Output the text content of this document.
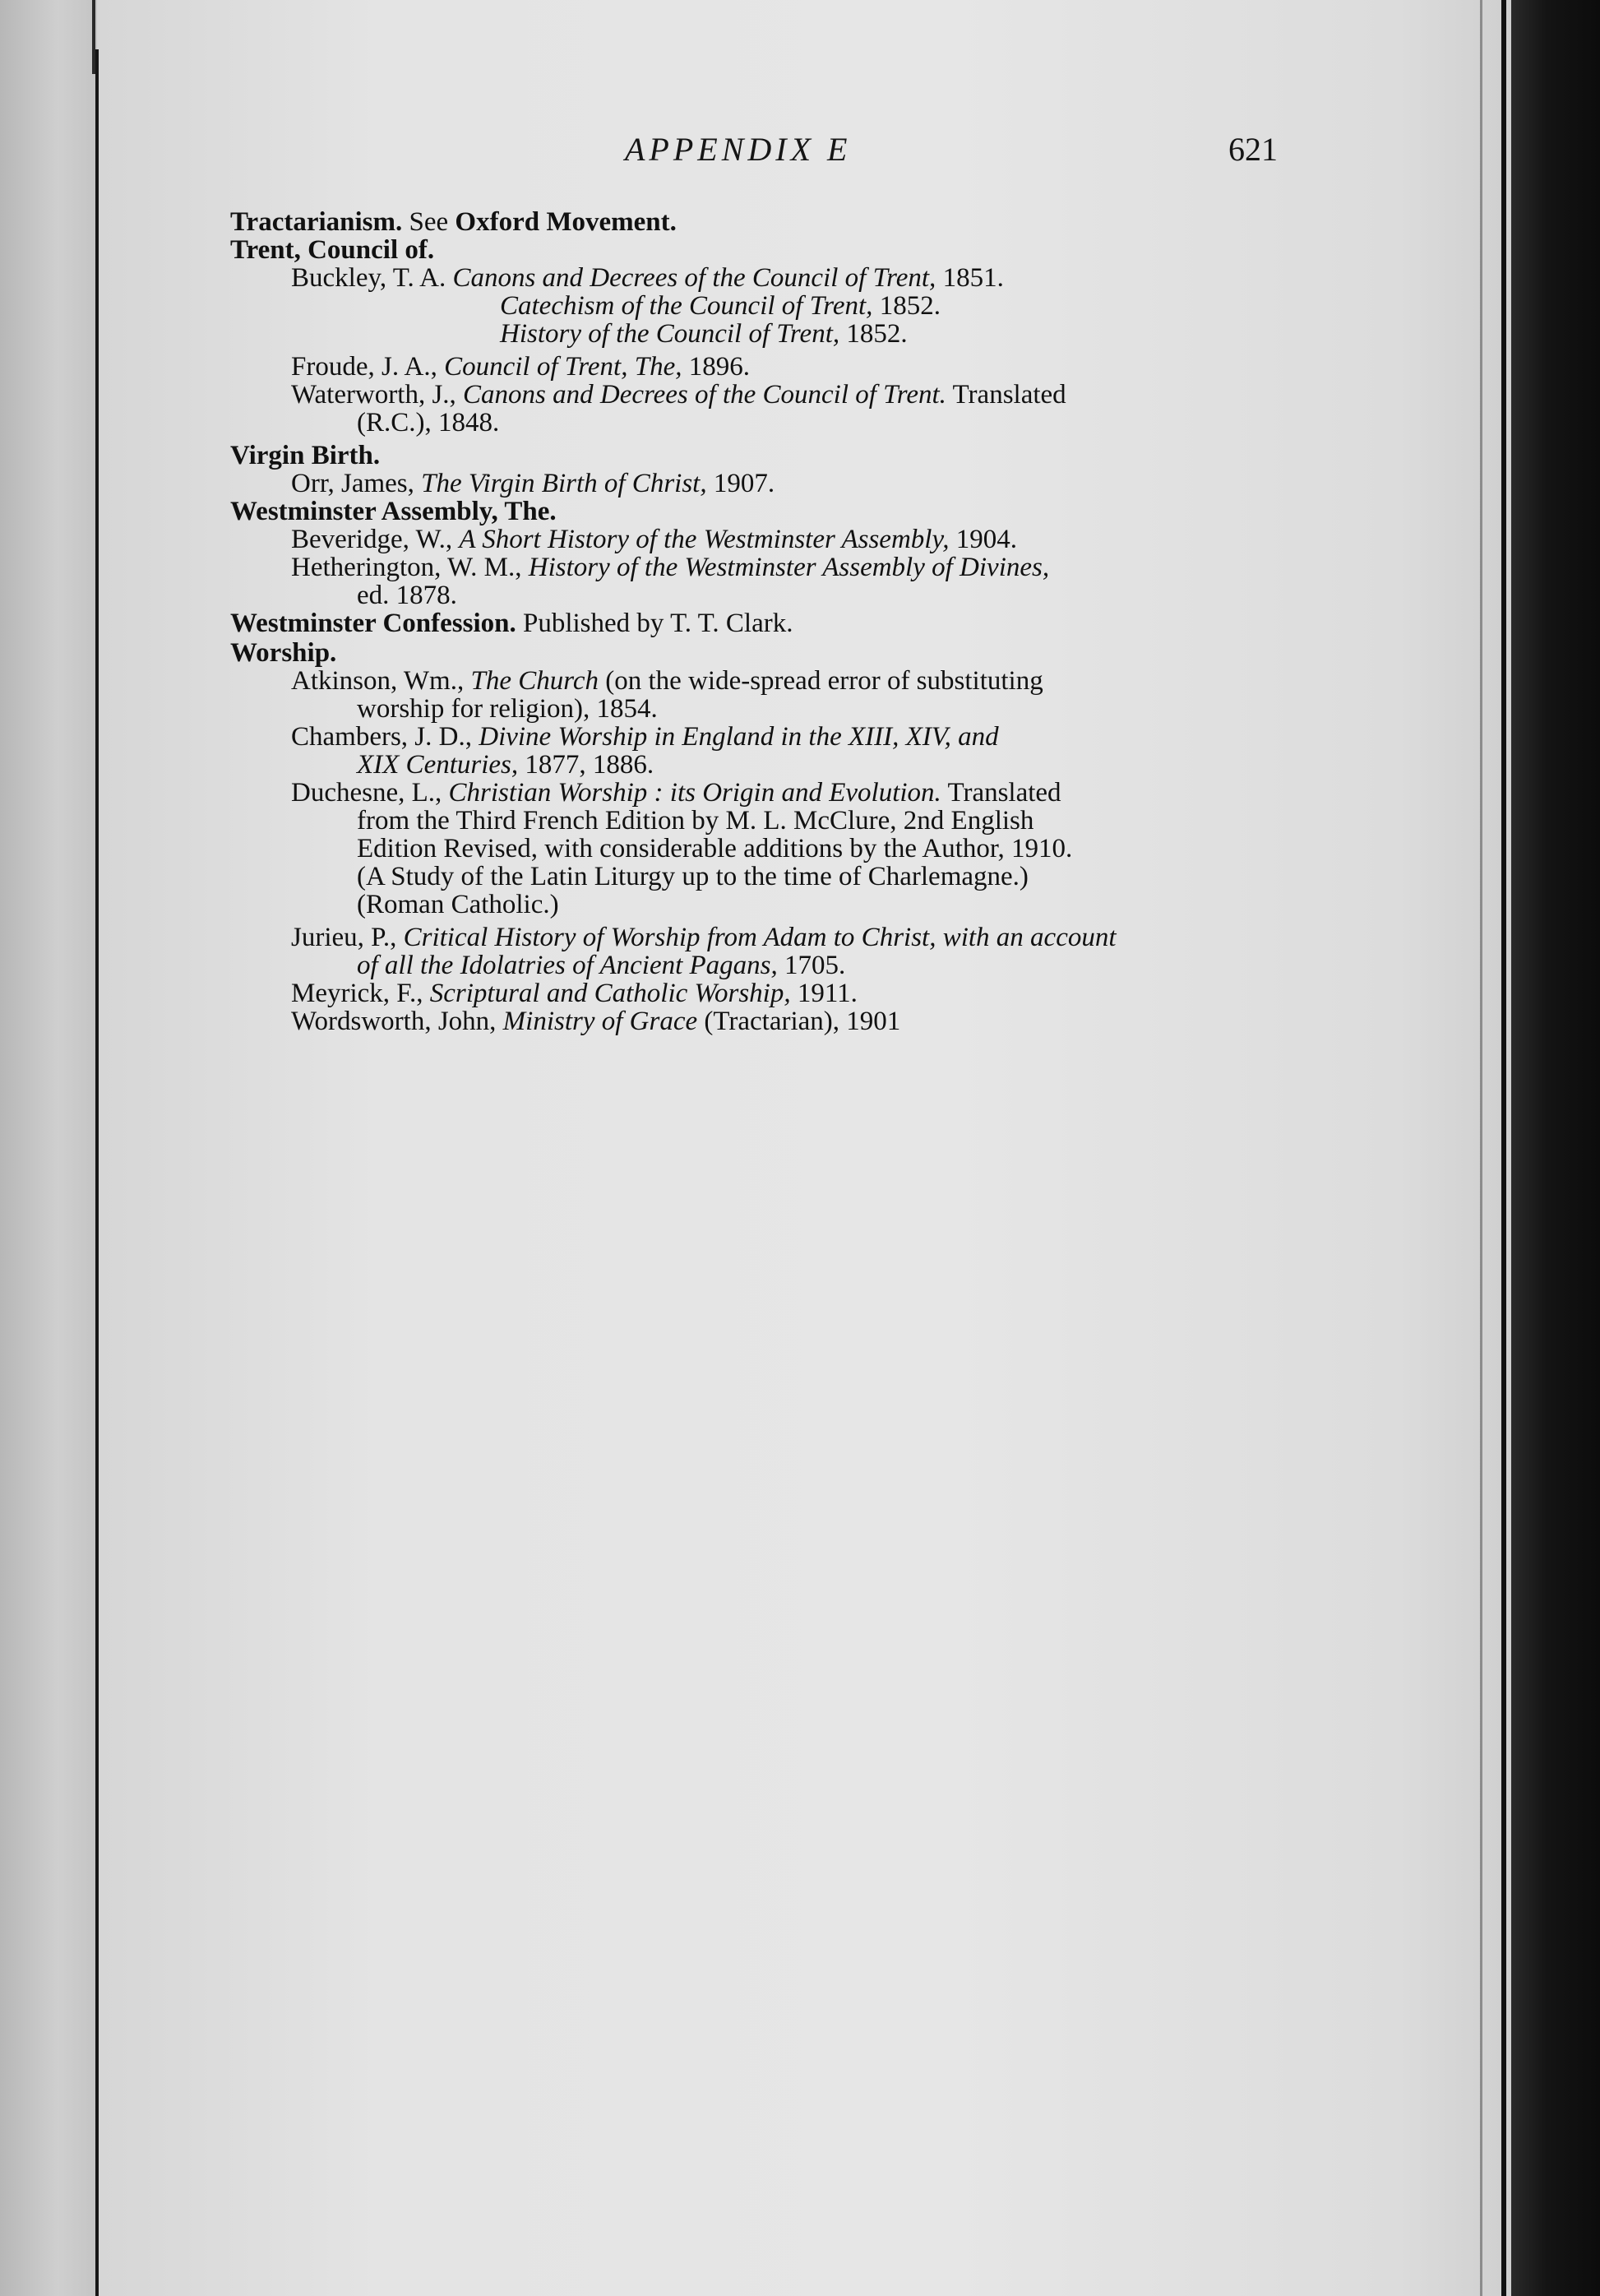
APPENDIX E	621
Tractarianism. See Oxford Movement.
Trent, Council of.
Buckley, T. A. Canons and Decrees of the Council of Trent, 1851.
Catechism of the Council of Trent, 1852.
History of the Council of Trent, 1852.
Froude, J. A., Council of Trent, The, 1896.
Waterworth, J., Canons and Decrees of the Council of Trent. Translated
(R.C.), 1848.
Virgin Birth.
Orr, James, The Virgin Birth of Christ, 1907.
Westminster Assembly, The.
Beveridge, W., A Short History of the Westminster Assembly, 1904.
Hetherington, W. M., History of the Westminster Assembly of Divines,
ed. 1878.
Westminster Confession. Published by T. T. Clark.
Worship.
Atkinson, Wm., The Church (on the wide-spread error of substituting
worship for religion), 1854.
Chambers, J. D., Divine Worship in England in the XIII, XIV, and
XIX Centuries, 1877, 1886.
Duchesne, L., Christian Worship : its Origin and Evolution. Translated
from the Third French Edition by M. L. McClure, 2nd English
Edition Revised, with considerable additions by the Author, 1910.
(A Study of the Latin Liturgy up to the time of Charlemagne.)
(Roman Catholic.)
Jurieu, P., Critical History of Worship from Adam to Christ, with an account
of all the Idolatries of Ancient Pagans, 1705.
Meyrick, F., Scriptural and Catholic Worship, 1911.
Wordsworth, John, Ministry of Grace (Tractarian), 1901
